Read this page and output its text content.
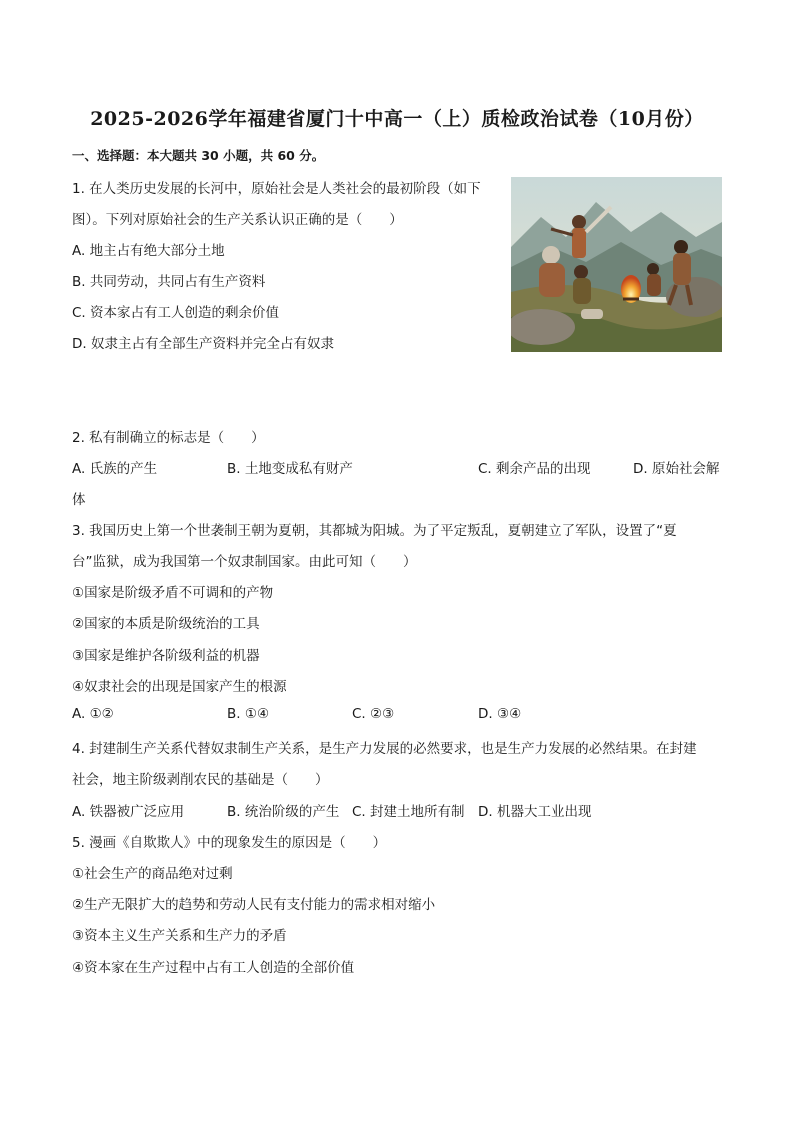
2025-2026学年福建省厦门十中高一（上）质检政治试卷（10月份）
一、选择题：本大题共 30 小题，共 60 分。
1. 在人类历史发展的长河中，原始社会是人类社会的最初阶段（如下
图）。下列对原始社会的生产关系认识正确的是（　　）
A. 地主占有绝大部分土地
B. 共同劳动，共同占有生产资料
C. 资本家占有工人创造的剩余价值
D. 奴隶主占有全部生产资料并完全占有奴隶
2. 私有制确立的标志是（　　）
A. 氏族的产生	B. 土地变成私有财产	C. 剩余产品的出现	D. 原始社会解
体
3. 我国历史上第一个世袭制王朝为夏朝，其都城为阳城。为了平定叛乱，夏朝建立了军队，设置了“夏
台”监狱，成为我国第一个奴隶制国家。由此可知（　　）
①国家是阶级矛盾不可调和的产物
②国家的本质是阶级统治的工具
③国家是维护各阶级利益的机器
④奴隶社会的出现是国家产生的根源
A. ①②	B. ①④	C. ②③	D. ③④
4. 封建制生产关系代替奴隶制生产关系，是生产力发展的必然要求，也是生产力发展的必然结果。在封建
社会，地主阶级剥削农民的基础是（　　）
A. 铁器被广泛应用	B. 统治阶级的产生 C. 封建土地所有制 D. 机器大工业出现
5. 漫画《自欺欺人》中的现象发生的原因是（　　）
①社会生产的商品绝对过剩
②生产无限扩大的趋势和劳动人民有支付能力的需求相对缩小
③资本主义生产关系和生产力的矛盾
④资本家在生产过程中占有工人创造的全部价值
